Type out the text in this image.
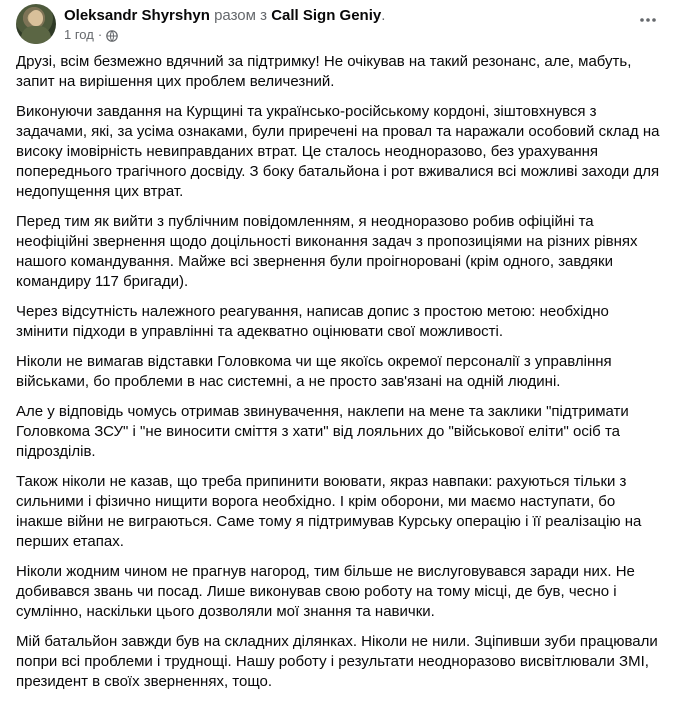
Oleksandr Shyrshyn разом з Call Sign Geniy.
1 год ·

Друзі, всім безмежно вдячний за підтримку! Не очікував на такий резонанс, але, мабуть, запит на вирішення цих проблем величезний.

Виконуючи завдання на Курщині та українсько-російському кордоні, зіштовхнувся з задачами, які, за усіма ознаками, були приречені на провал та наражали особовий склад на високу імовірність невиправданих втрат. Це сталось неодноразово, без урахування попереднього трагічного досвіду. З боку батальйона і рот вживалися всі можливі заходи для недопущення цих втрат.

Перед тим як вийти з публічним повідомленням, я неодноразово робив офіційні та неофіційні звернення щодо доцільності виконання задач з пропозиціями на різних рівнях нашого командування. Майже всі звернення були проігноровані (крім одного, завдяки командиру 117 бригади).

Через відсутність належного реагування, написав допис з простою метою: необхідно змінити підходи в управлінні та адекватно оцінювати свої можливості.

Ніколи не вимагав відставки Головкома чи ще якоїсь окремої персоналії з управління військами, бо проблеми в нас системні, а не просто зав'язані на одній людині.

Але у відповідь чомусь отримав звинувачення, наклепи на мене та заклики "підтримати Головкома ЗСУ" і "не виносити сміття з хати" від лояльних до "військової еліти" осіб та підрозділів.

Також ніколи не казав, що треба припинити воювати, якраз навпаки: рахуються тільки з сильними і фізично нищити ворога необхідно. І крім оборони, ми маємо наступати, бо інакше війни не виграються. Саме тому я підтримував Курську операцію і її реалізацію на перших етапах.

Ніколи жодним чином не прагнув нагород, тим більше не вислуговувався заради них. Не добивався звань чи посад. Лише виконував свою роботу на тому місці, де був, чесно і сумлінно, наскільки цього дозволяли мої знання та навички.

Мій батальйон завжди був на складних ділянках. Ніколи не нили. Зціпивши зуби працювали попри всі проблеми і труднощі. Нашу роботу і результати неодноразово висвітлювали ЗМІ, президент в своїх зверненнях, тощо.
